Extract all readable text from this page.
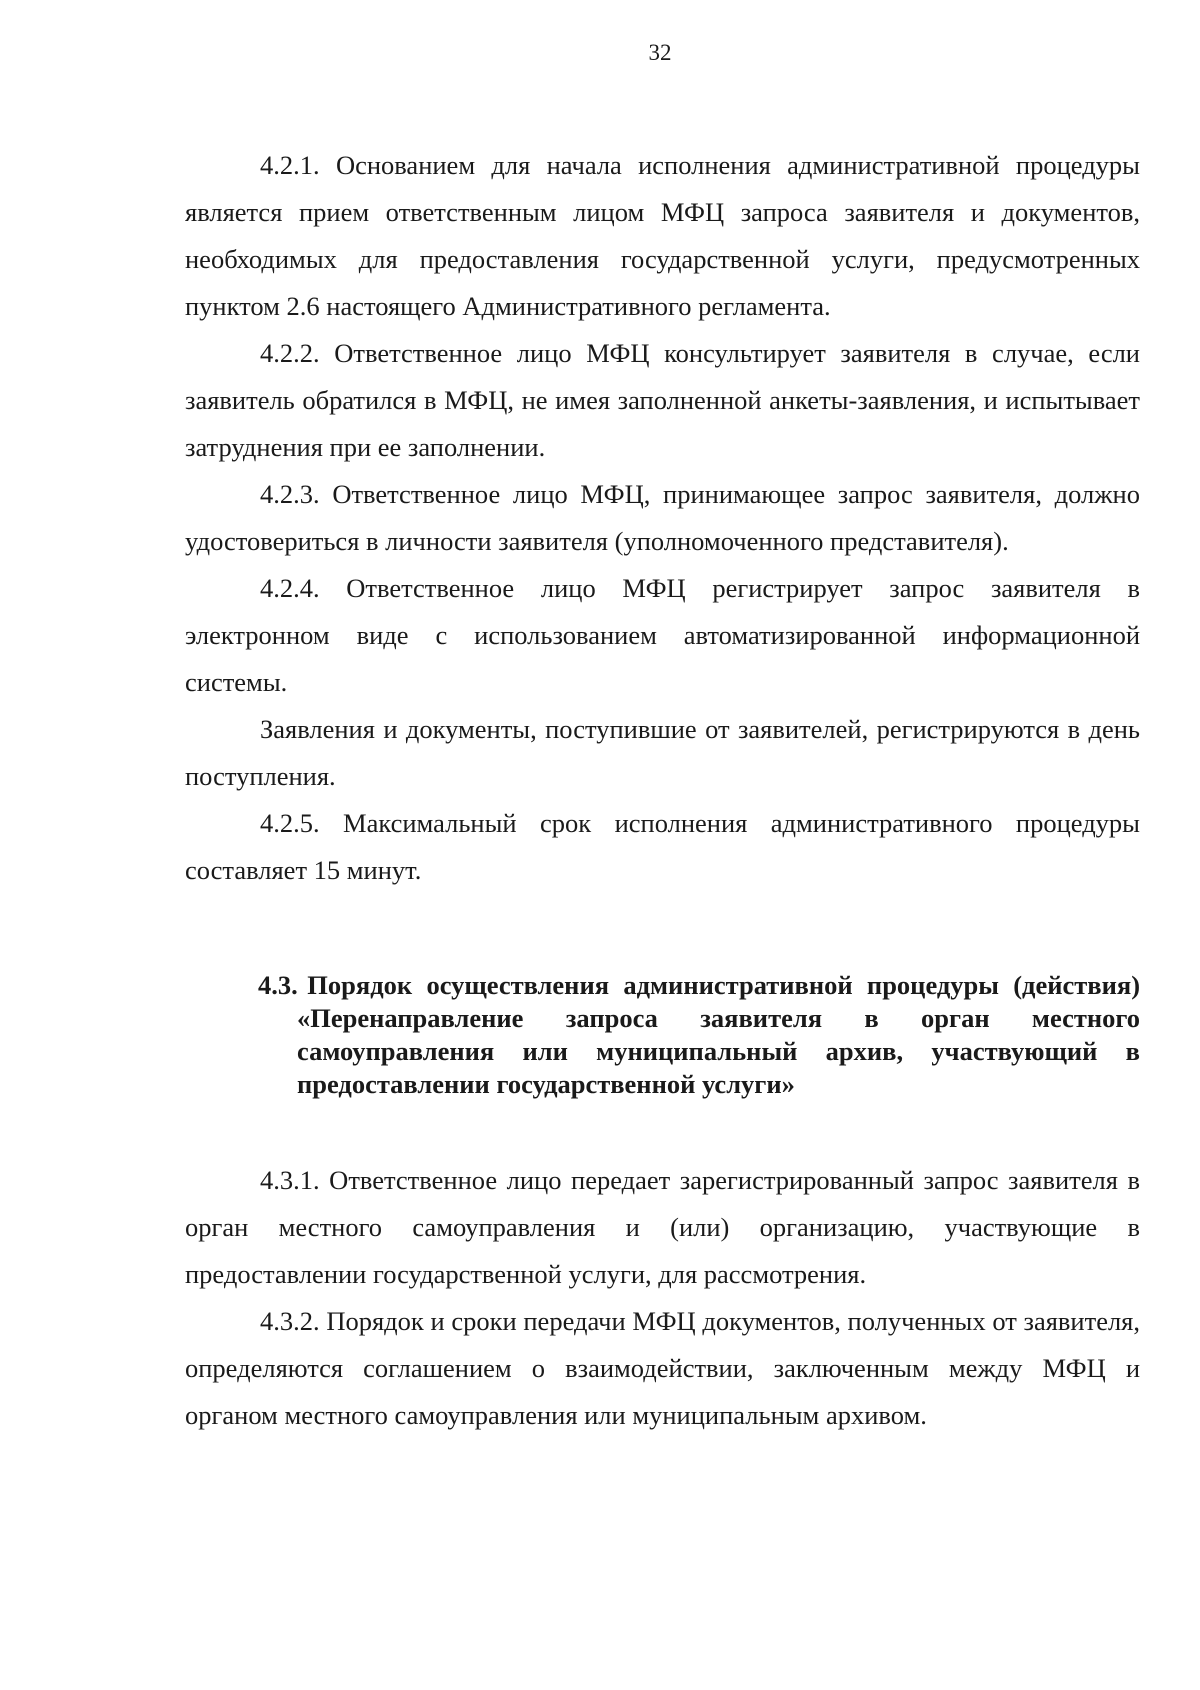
32

4.2.1. Основанием для начала исполнения административной процедуры является прием ответственным лицом МФЦ запроса заявителя и документов, необходимых для предоставления государственной услуги, предусмотренных пунктом 2.6 настоящего Административного регламента.

4.2.2. Ответственное лицо МФЦ консультирует заявителя в случае, если заявитель обратился в МФЦ, не имея заполненной анкеты-заявления, и испытывает затруднения при ее заполнении.

4.2.3. Ответственное лицо МФЦ, принимающее запрос заявителя, должно удостовериться в личности заявителя (уполномоченного представителя).

4.2.4. Ответственное лицо МФЦ регистрирует запрос заявителя в электронном виде с использованием автоматизированной информационной системы.

Заявления и документы, поступившие от заявителей, регистрируются в день поступления.

4.2.5. Максимальный срок исполнения административного процедуры составляет 15 минут.

4.3. Порядок осуществления административной процедуры (действия) «Перенаправление запроса заявителя в орган местного самоуправления или муниципальный архив, участвующий в предоставлении государственной услуги»

4.3.1. Ответственное лицо передает зарегистрированный запрос заявителя в орган местного самоуправления и (или) организацию, участвующие в предоставлении государственной услуги, для рассмотрения.

4.3.2. Порядок и сроки передачи МФЦ документов, полученных от заявителя, определяются соглашением о взаимодействии, заключенным между МФЦ и органом местного самоуправления или муниципальным архивом.
